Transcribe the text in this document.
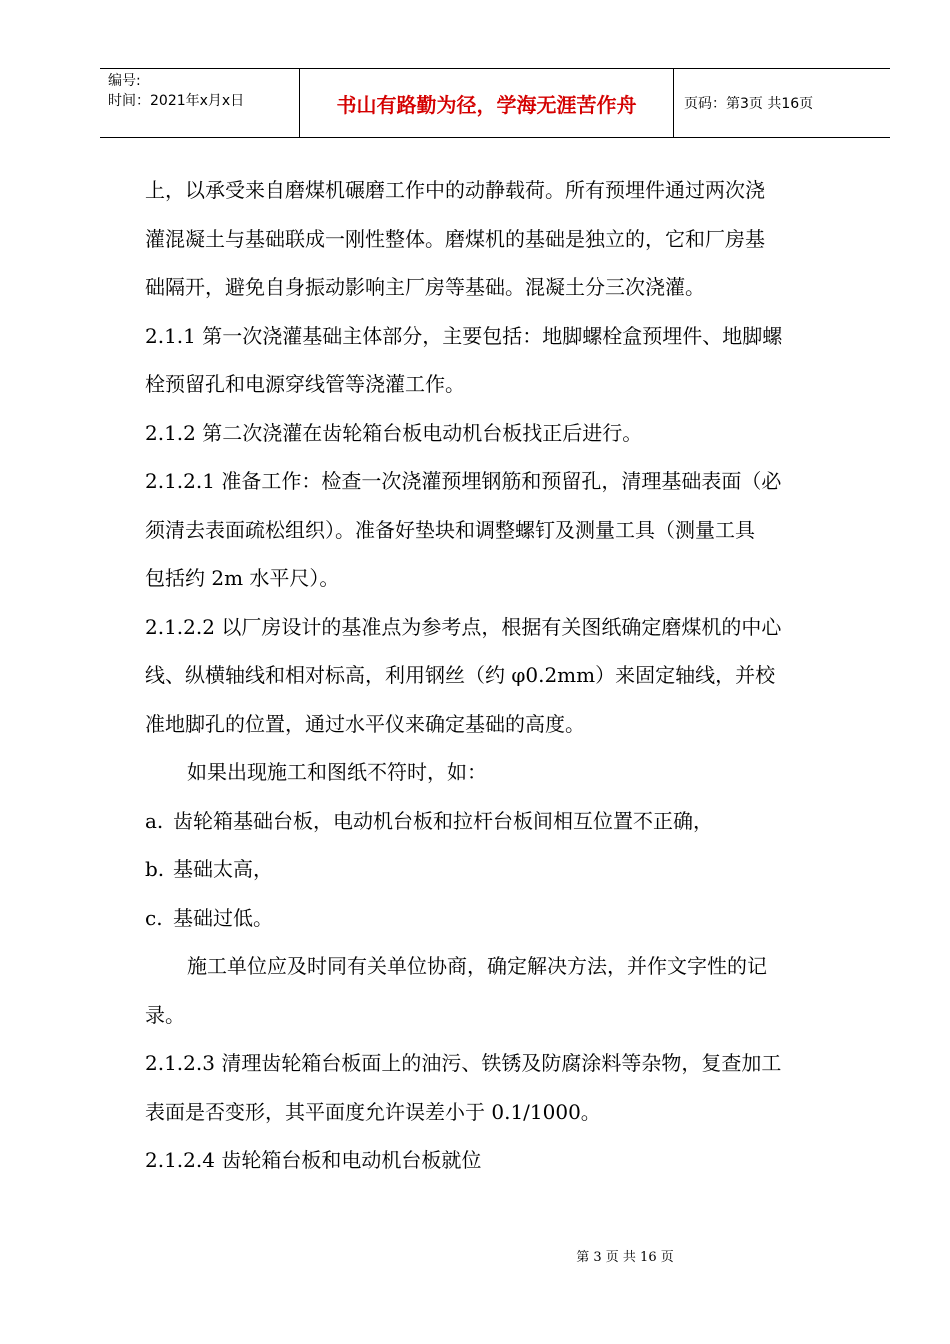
编号:
时间：2021年x月x日	书山有路勤为径，学海无涯苦作舟	页码：第3页 共16页

上，以承受来自磨煤机碾磨工作中的动静载荷。所有预埋件通过两次浇

灌混凝土与基础联成一刚性整体。磨煤机的基础是独立的，它和厂房基

础隔开，避免自身振动影响主厂房等基础。混凝土分三次浇灌。

2.1.1 第一次浇灌基础主体部分，主要包括：地脚螺栓盒预埋件、地脚螺

栓预留孔和电源穿线管等浇灌工作。

2.1.2 第二次浇灌在齿轮箱台板电动机台板找正后进行。

2.1.2.1 准备工作：检查一次浇灌预埋钢筋和预留孔，清理基础表面（必

须清去表面疏松组织）。准备好垫块和调整螺钉及测量工具（测量工具

包括约 2m 水平尺）。

2.1.2.2 以厂房设计的基准点为参考点，根据有关图纸确定磨煤机的中心

线、纵横轴线和相对标高，利用钢丝（约 φ0.2mm）来固定轴线，并校

准地脚孔的位置，通过水平仪来确定基础的高度。

如果出现施工和图纸不符时，如：

a. 齿轮箱基础台板，电动机台板和拉杆台板间相互位置不正确，

b. 基础太高，

c. 基础过低。

施工单位应及时同有关单位协商，确定解决方法，并作文字性的记

录。

2.1.2.3 清理齿轮箱台板面上的油污、铁锈及防腐涂料等杂物，复查加工

表面是否变形，其平面度允许误差小于 0.1/1000。

2.1.2.4 齿轮箱台板和电动机台板就位

第 3 页 共 16 页
